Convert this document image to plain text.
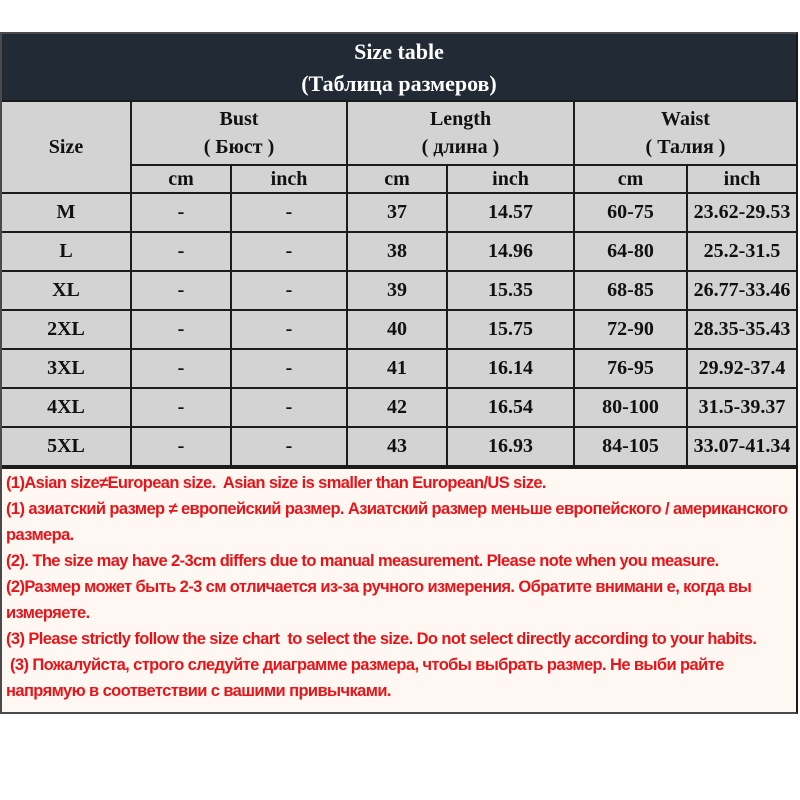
Size table
(Таблица размеров)
Size	
Bust
( Бюст )

Length
( длина )

Waist
( Талия )

	cm	inch	cm	inch	cm	inch
M	-	-	37	14.57	60-75	23.62-29.53
L	-	-	38	14.96	64-80	25.2-31.5
XL	-	-	39	15.35	68-85	26.77-33.46
2XL	-	-	40	15.75	72-90	28.35-35.43
3XL	-	-	41	16.14	76-95	29.92-37.4
4XL	-	-	42	16.54	80-100	31.5-39.37
5XL	-	-	43	16.93	84-105	33.07-41.34

(1)Asian size≠European size.  Asian size is smaller than European/US size.

(1) азиатский размер ≠ европейский размер. Азиатский размер меньше европейского / американского размера.

(2). The size may have 2-3cm differs due to manual measurement. Please note when you measure.

(2)Размер может быть 2-3 см отличается из-за ручного измерения. Обратите внимани е, когда вы измеряете.

(3) Please strictly follow the size chart  to select the size. Do not select directly according to your habits.

(3) Пожалуйста, строго следуйте диаграмме размера, чтобы выбрать размер. Не выби райте напрямую в соответствии с вашими привычками.
